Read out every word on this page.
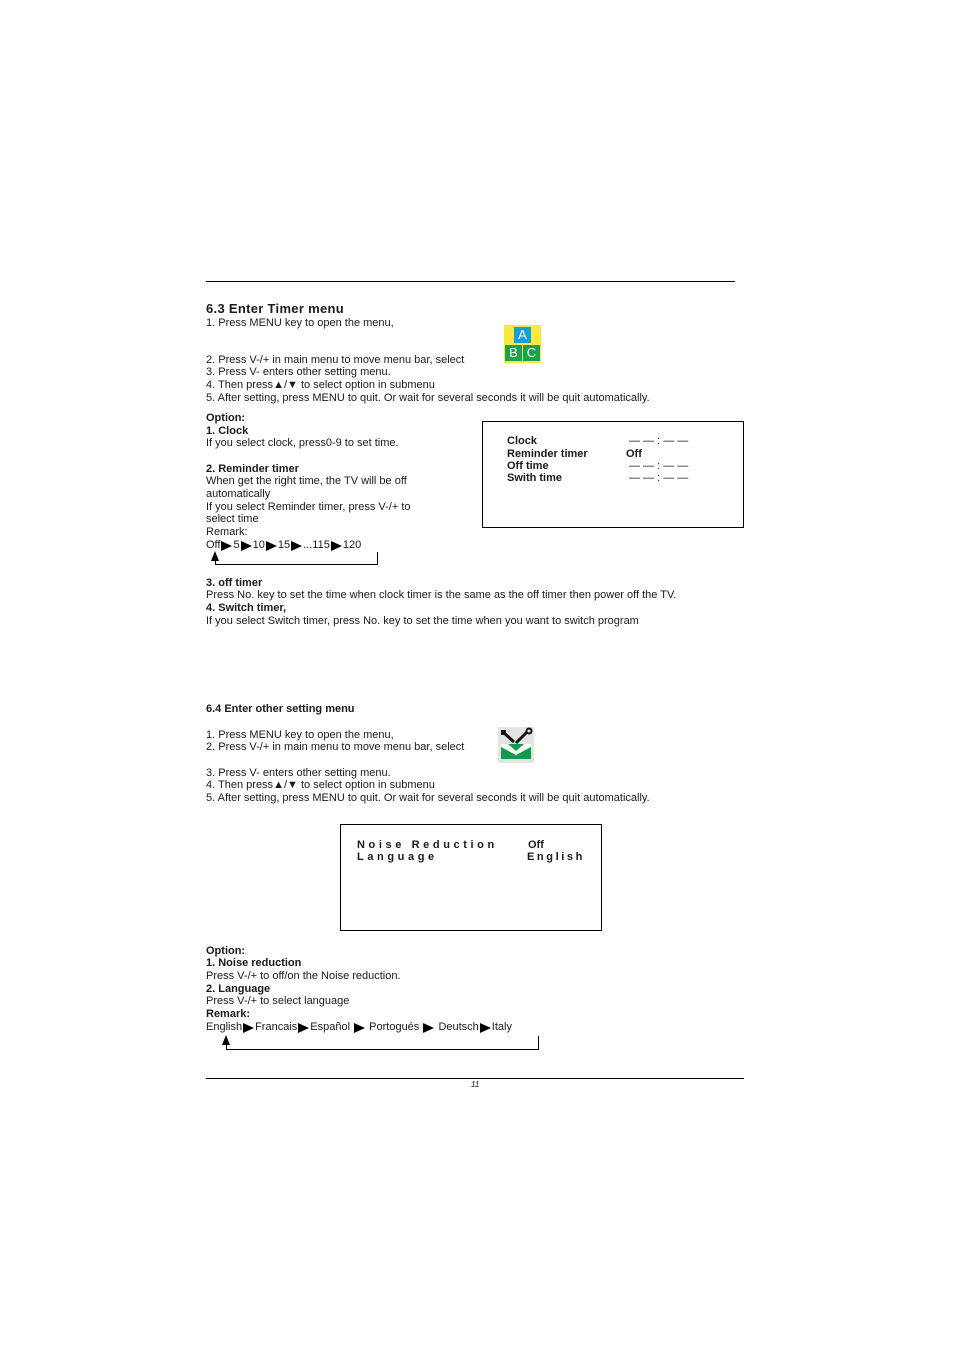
6.3 Enter Timer menu
1. Press MENU key to open the menu,
A
B C
2. Press V-/+ in main menu to move menu bar, select
3. Press V- enters other setting menu.
4. Then press▲/▼ to select option in submenu
5. After setting, press MENU to quit. Or wait for several seconds it will be quit automatically.
Option:
1. Clock
If you select clock, press0-9 to set time.
2. Reminder timer
When get the right time, the TV will be off
automatically
If you select Reminder timer, press V-/+ to
select time
Remark:
Off 5 10 15 ... 115 120
3. off timer
Press No. key to set the time when clock timer is the same as the off timer then power off the TV.
4. Switch timer,
If you select Switch timer, press No. key to set the time when you want to switch program
Clock	— — : — —
Reminder timer	Off
Off time	— — : — —
Swith time	— — : — —
6.4 Enter other setting menu
1. Press MENU key to open the menu,
2. Press V-/+ in main menu to move menu bar, select
3. Press V- enters other setting menu.
4. Then press▲/▼ to select option in submenu
5. After setting, press MENU to quit. Or wait for several seconds it will be quit automatically.
Noise Reduction	Off
Language	English
Option:
1. Noise reduction
Press V-/+ to off/on the Noise reduction.
2. Language
Press V-/+ to select language
Remark:
English Francais Español

Portogués

Deutsch Italy
11
